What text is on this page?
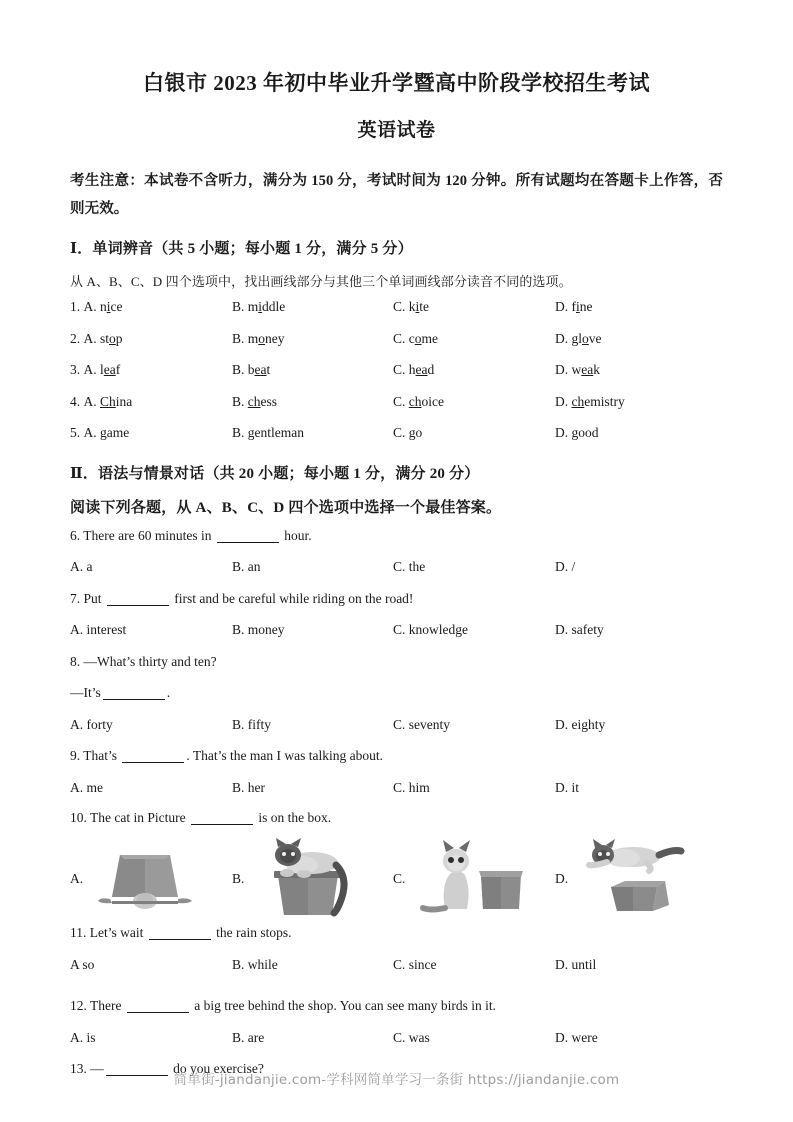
白银市 2023 年初中毕业升学暨高中阶段学校招生考试
英语试卷

考生注意：本试卷不含听力，满分为 150 分，考试时间为 120 分钟。所有试题均在答题卡上作答，否则无效。

Ⅰ．单词辨音（共 5 小题；每小题 1 分，满分 5 分）
从 A、B、C、D 四个选项中，找出画线部分与其他三个单词画线部分读音不同的选项。
1. A. nice	B. middle	C. kite	D. fine
2. A. stop	B. money	C. come	D. glove
3. A. leaf	B. beat	C. head	D. weak
4. A. China	B. chess	C. choice	D. chemistry
5. A. game	B. gentleman	C. go	D. good
Ⅱ．语法与情景对话（共 20 小题；每小题 1 分，满分 20 分）
阅读下列各题，从 A、B、C、D 四个选项中选择一个最佳答案。
6. There are 60 minutes in	hour.
A. a	B. an	C. the	D. /
7. Put	first and be careful while riding on the road!
A. interest	B. money	C. knowledge	D. safety
8. —What’s thirty and ten?
—It’s	.
A. forty	B. fifty	C. seventy	D. eighty
9. That’s	. That’s the man I was talking about.
A. me	B. her	C. him	D. it
10. The cat in Picture	is on the box.
A.	B.	C.	D.
11. Let’s wait	the rain stops.
A so	B. while	C. since	D. until
12. There	a big tree behind the shop. You can see many birds in it.
A. is	B. are	C. was	D. were
13. —	do you exercise?
简单街-jiandanjie.com-学科网简单学习一条街 https://jiandanjie.com
